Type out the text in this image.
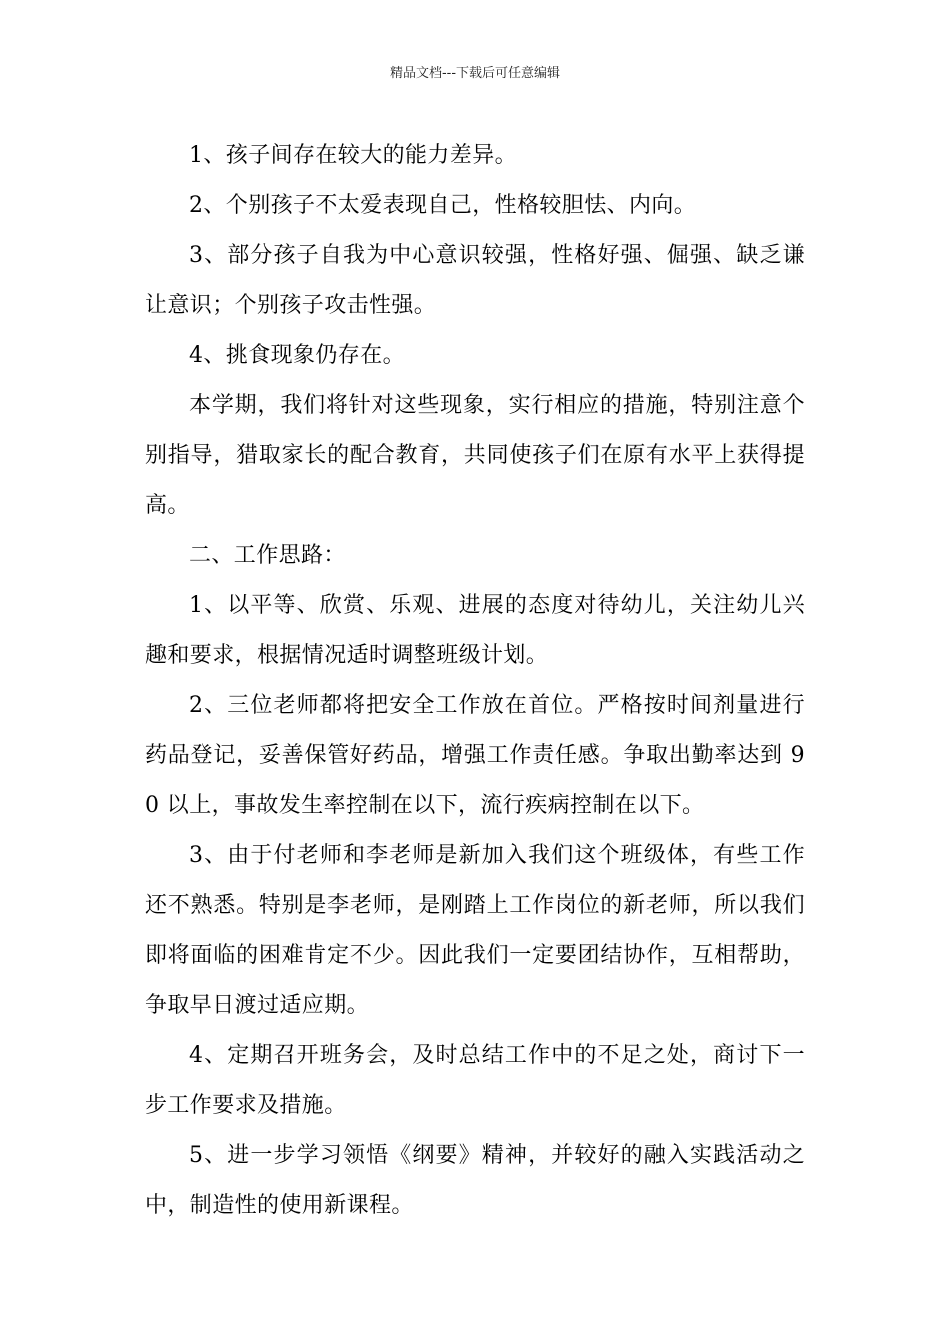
精品文档---下载后可任意编辑

1、孩子间存在较大的能力差异。

2、个别孩子不太爱表现自己，性格较胆怯、内向。

3、部分孩子自我为中心意识较强，性格好强、倔强、缺乏谦让意识；个别孩子攻击性强。

4、挑食现象仍存在。

本学期，我们将针对这些现象，实行相应的措施，特别注意个别指导，猎取家长的配合教育，共同使孩子们在原有水平上获得提高。

二、工作思路：

1、以平等、欣赏、乐观、进展的态度对待幼儿，关注幼儿兴趣和要求，根据情况适时调整班级计划。

2、三位老师都将把安全工作放在首位。严格按时间剂量进行药品登记，妥善保管好药品，增强工作责任感。争取出勤率达到 90 以上，事故发生率控制在以下，流行疾病控制在以下。

3、由于付老师和李老师是新加入我们这个班级体，有些工作还不熟悉。特别是李老师，是刚踏上工作岗位的新老师，所以我们即将面临的困难肯定不少。因此我们一定要团结协作，互相帮助，争取早日渡过适应期。

4、定期召开班务会，及时总结工作中的不足之处，商讨下一步工作要求及措施。

5、进一步学习领悟《纲要》精神，并较好的融入实践活动之中，制造性的使用新课程。
